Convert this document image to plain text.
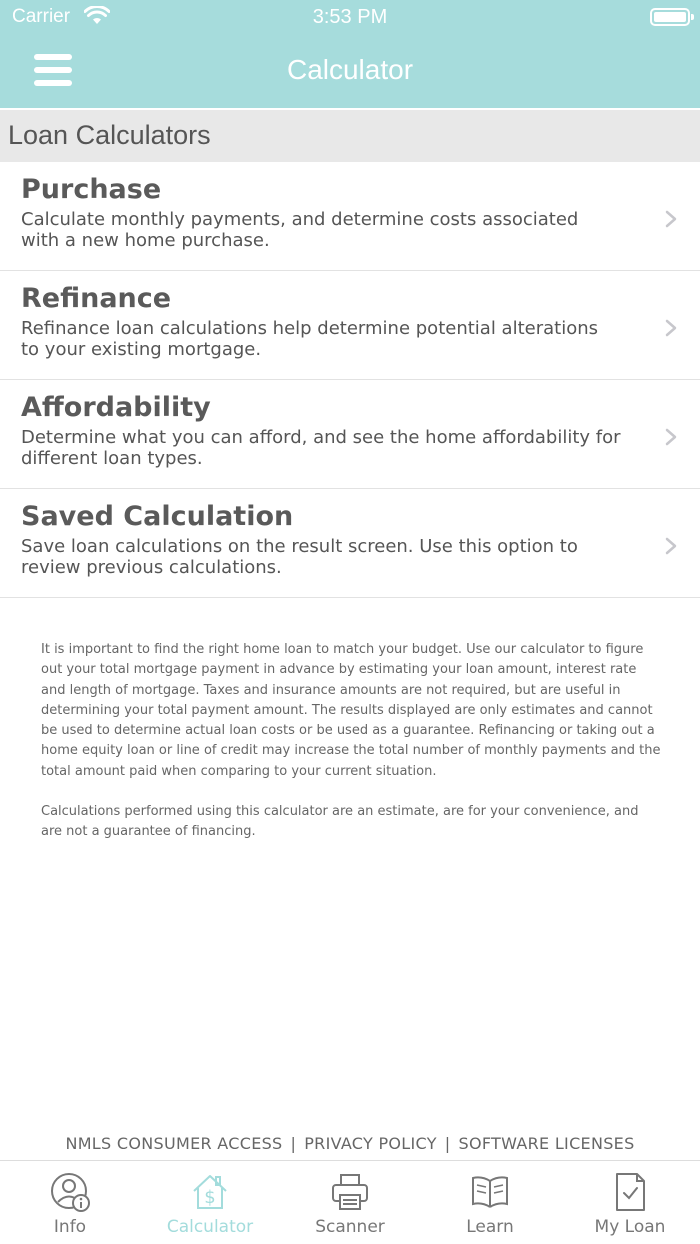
Carrier	3:53 PM
Calculator
Loan Calculators
Purchase
Calculate monthly payments, and determine costs associated with a new home purchase.
Refinance
Refinance loan calculations help determine potential alterations to your existing mortgage.
Affordability
Determine what you can afford, and see the home affordability for different loan types.
Saved Calculation
Save loan calculations on the result screen. Use this option to review previous calculations.

It is important to find the right home loan to match your budget. Use our calculator to figure out your total mortgage payment in advance by estimating your loan amount, interest rate and length of mortgage. Taxes and insurance amounts are not required, but are useful in determining your total payment amount. The results displayed are only estimates and cannot be used to determine actual loan costs or be used as a guarantee. Refinancing or taking out a home equity loan or line of credit may increase the total number of monthly payments and the total amount paid when comparing to your current situation.

Calculations performed using this calculator are an estimate, are for your convenience, and are not a guarantee of financing.

NMLS CONSUMER ACCESS | PRIVACY POLICY | SOFTWARE LICENSES
Info
$
Calculator	Scanner	Learn	My Loan
